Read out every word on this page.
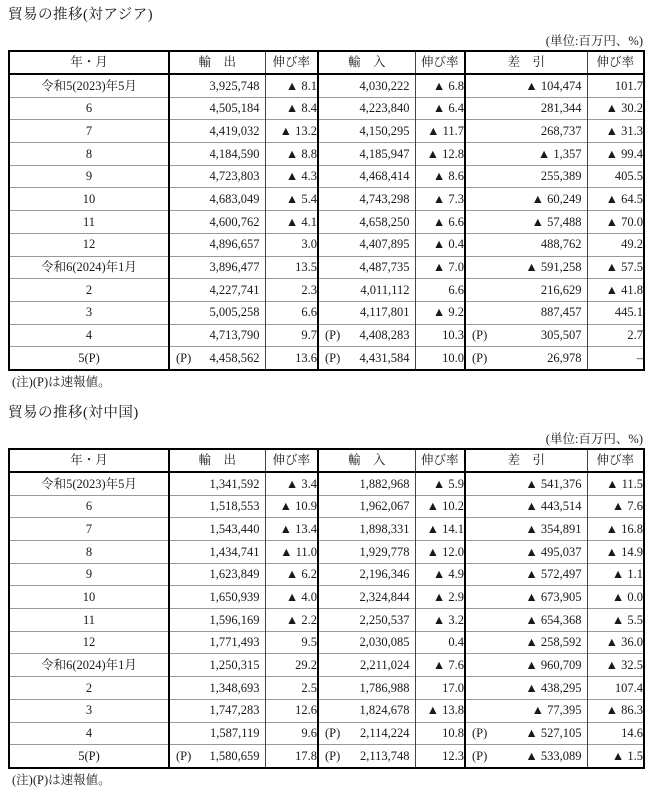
貿易の推移(対アジア)
(単位:百万円、%)
年・月	輸　出	伸び率	輸　入	伸び率	差　引	伸び率
令和5(2023)年5月	3,925,748	▲ 8.1	4,030,222	▲ 6.8	▲ 104,474	101.7
6	4,505,184	▲ 8.4	4,223,840	▲ 6.4	281,344	▲ 30.2
7	4,419,032	▲ 13.2	4,150,295	▲ 11.7	268,737	▲ 31.3
8	4,184,590	▲ 8.8	4,185,947	▲ 12.8	▲ 1,357	▲ 99.4
9	4,723,803	▲ 4.3	4,468,414	▲ 8.6	255,389	405.5
10	4,683,049	▲ 5.4	4,743,298	▲ 7.3	▲ 60,249	▲ 64.5
11	4,600,762	▲ 4.1	4,658,250	▲ 6.6	▲ 57,488	▲ 70.0
12	4,896,657	3.0	4,407,895	▲ 0.4	488,762	49.2
令和6(2024)年1月	3,896,477	13.5	4,487,735	▲ 7.0	▲ 591,258	▲ 57.5
2	4,227,741	2.3	4,011,112	6.6	216,629	▲ 41.8
3	5,005,258	6.6	4,117,801	▲ 9.2	887,457	445.1
4	4,713,790	9.7	(P) 4,408,283	10.3	(P) 305,507	2.7
5(P)	(P) 4,458,562	13.6	(P) 4,431,584	10.0	(P) 26,978	–
(注)(P)は速報値。
貿易の推移(対中国)
(単位:百万円、%)
年・月	輸　出	伸び率	輸　入	伸び率	差　引	伸び率
令和5(2023)年5月	1,341,592	▲ 3.4	1,882,968	▲ 5.9	▲ 541,376	▲ 11.5
6	1,518,553	▲ 10.9	1,962,067	▲ 10.2	▲ 443,514	▲ 7.6
7	1,543,440	▲ 13.4	1,898,331	▲ 14.1	▲ 354,891	▲ 16.8
8	1,434,741	▲ 11.0	1,929,778	▲ 12.0	▲ 495,037	▲ 14.9
9	1,623,849	▲ 6.2	2,196,346	▲ 4.9	▲ 572,497	▲ 1.1
10	1,650,939	▲ 4.0	2,324,844	▲ 2.9	▲ 673,905	▲ 0.0
11	1,596,169	▲ 2.2	2,250,537	▲ 3.2	▲ 654,368	▲ 5.5
12	1,771,493	9.5	2,030,085	0.4	▲ 258,592	▲ 36.0
令和6(2024)年1月	1,250,315	29.2	2,211,024	▲ 7.6	▲ 960,709	▲ 32.5
2	1,348,693	2.5	1,786,988	17.0	▲ 438,295	107.4
3	1,747,283	12.6	1,824,678	▲ 13.8	▲ 77,395	▲ 86.3
4	1,587,119	9.6	(P) 2,114,224	10.8	(P) ▲ 527,105	14.6
5(P)	(P) 1,580,659	17.8	(P) 2,113,748	12.3	(P) ▲ 533,089	▲ 1.5
(注)(P)は速報値。
